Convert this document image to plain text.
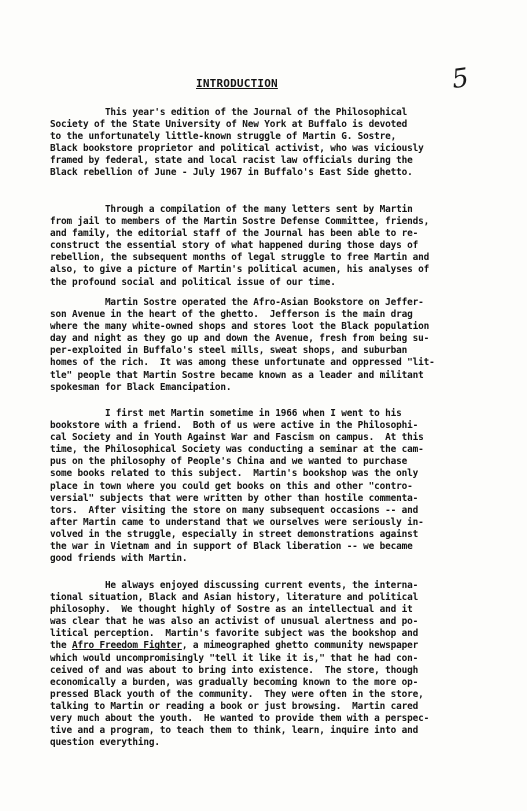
INTRODUCTION	5
This year's edition of the Journal of the Philosophical
Society of the State University of New York at Buffalo is devoted
to the unfortunately little-known struggle of Martin G. Sostre,
Black bookstore proprietor and political activist, who was viciously
framed by federal, state and local racist law officials during the
Black rebellion of June - July 1967 in Buffalo's East Side ghetto.
Through a compilation of the many letters sent by Martin
from jail to members of the Martin Sostre Defense Committee, friends,
and family, the editorial staff of the Journal has been able to re-
construct the essential story of what happened during those days of
rebellion, the subsequent months of legal struggle to free Martin and
also, to give a picture of Martin's political acumen, his analyses of
the profound social and political issue of our time.
Martin Sostre operated the Afro-Asian Bookstore on Jeffer-
son Avenue in the heart of the ghetto.  Jefferson is the main drag
where the many white-owned shops and stores loot the Black population
day and night as they go up and down the Avenue, fresh from being su-
per-exploited in Buffalo's steel mills, sweat shops, and suburban
homes of the rich.  It was among these unfortunate and oppressed "lit-
tle" people that Martin Sostre became known as a leader and militant
spokesman for Black Emancipation.
I first met Martin sometime in 1966 when I went to his
bookstore with a friend.  Both of us were active in the Philosophi-
cal Society and in Youth Against War and Fascism on campus.  At this
time, the Philosophical Society was conducting a seminar at the cam-
pus on the philosophy of People's China and we wanted to purchase
some books related to this subject.  Martin's bookshop was the only
place in town where you could get books on this and other "contro-
versial" subjects that were written by other than hostile commenta-
tors.  After visiting the store on many subsequent occasions -- and
after Martin came to understand that we ourselves were seriously in-
volved in the struggle, especially in street demonstrations against
the war in Vietnam and in support of Black liberation -- we became
good friends with Martin.
He always enjoyed discussing current events, the interna-
tional situation, Black and Asian history, literature and political
philosophy.  We thought highly of Sostre as an intellectual and it
was clear that he was also an activist of unusual alertness and po-
litical perception.  Martin's favorite subject was the bookshop and
the Afro Freedom Fighter, a mimeographed ghetto community newspaper
which would uncompromisingly "tell it like it is," that he had con-
ceived of and was about to bring into existence.  The store, though
economically a burden, was gradually becoming known to the more op-
pressed Black youth of the community.  They were often in the store,
talking to Martin or reading a book or just browsing.  Martin cared
very much about the youth.  He wanted to provide them with a perspec-
tive and a program, to teach them to think, learn, inquire into and
question everything.
